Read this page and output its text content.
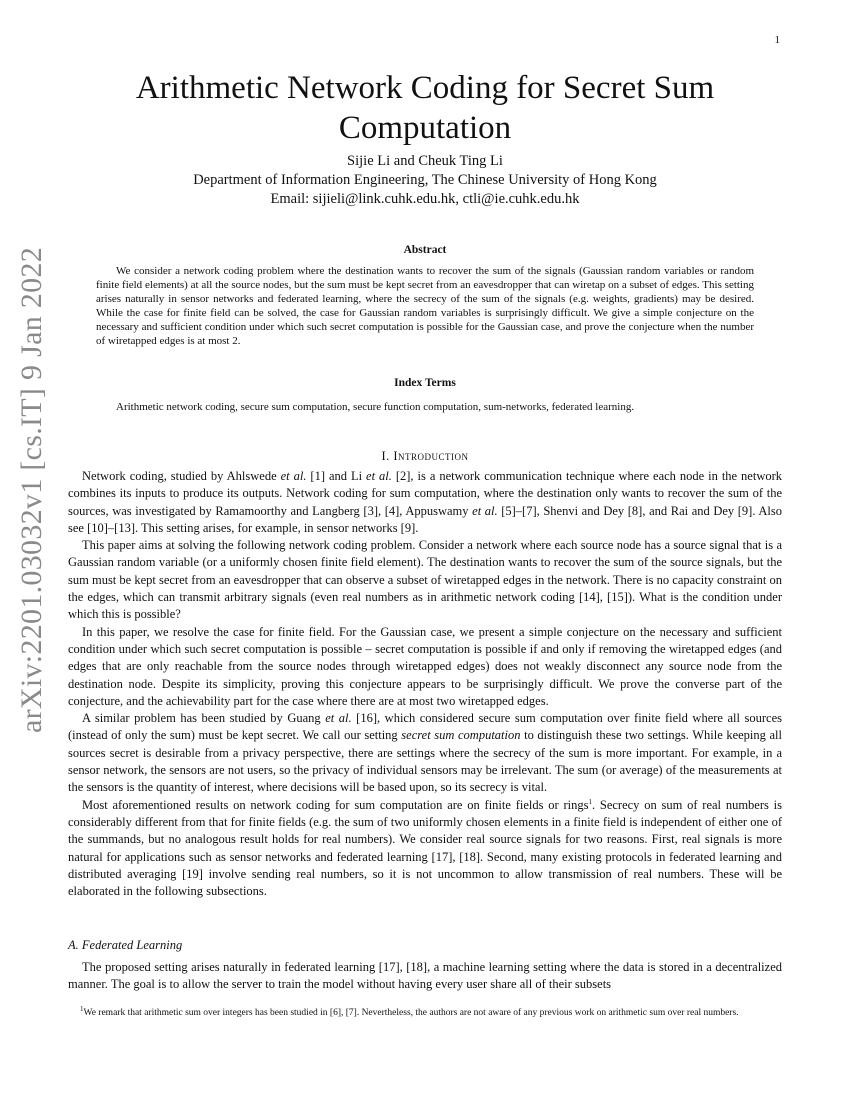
1
arXiv:2201.03032v1 [cs.IT] 9 Jan 2022
Arithmetic Network Coding for Secret Sum Computation
Sijie Li and Cheuk Ting Li
Department of Information Engineering, The Chinese University of Hong Kong
Email: sijieli@link.cuhk.edu.hk, ctli@ie.cuhk.edu.hk
Abstract
We consider a network coding problem where the destination wants to recover the sum of the signals (Gaussian random variables or random finite field elements) at all the source nodes, but the sum must be kept secret from an eavesdropper that can wiretap on a subset of edges. This setting arises naturally in sensor networks and federated learning, where the secrecy of the sum of the signals (e.g. weights, gradients) may be desired. While the case for finite field can be solved, the case for Gaussian random variables is surprisingly difficult. We give a simple conjecture on the necessary and sufficient condition under which such secret computation is possible for the Gaussian case, and prove the conjecture when the number of wiretapped edges is at most 2.
Index Terms
Arithmetic network coding, secure sum computation, secure function computation, sum-networks, federated learning.
I. Introduction

Network coding, studied by Ahlswede et al. [1] and Li et al. [2], is a network communication technique where each node in the network combines its inputs to produce its outputs. Network coding for sum computation, where the destination only wants to recover the sum of the sources, was investigated by Ramamoorthy and Langberg [3], [4], Appuswamy et al. [5]–[7], Shenvi and Dey [8], and Rai and Dey [9]. Also see [10]–[13]. This setting arises, for example, in sensor networks [9].

This paper aims at solving the following network coding problem. Consider a network where each source node has a source signal that is a Gaussian random variable (or a uniformly chosen finite field element). The destination wants to recover the sum of the source signals, but the sum must be kept secret from an eavesdropper that can observe a subset of wiretapped edges in the network. There is no capacity constraint on the edges, which can transmit arbitrary signals (even real numbers as in arithmetic network coding [14], [15]). What is the condition under which this is possible?

In this paper, we resolve the case for finite field. For the Gaussian case, we present a simple conjecture on the necessary and sufficient condition under which such secret computation is possible – secret computation is possible if and only if removing the wiretapped edges (and edges that are only reachable from the source nodes through wiretapped edges) does not weakly disconnect any source node from the destination node. Despite its simplicity, proving this conjecture appears to be surprisingly difficult. We prove the converse part of the conjecture, and the achievability part for the case where there are at most two wiretapped edges.

A similar problem has been studied by Guang et al. [16], which considered secure sum computation over finite field where all sources (instead of only the sum) must be kept secret. We call our setting secret sum computation to distinguish these two settings. While keeping all sources secret is desirable from a privacy perspective, there are settings where the secrecy of the sum is more important. For example, in a sensor network, the sensors are not users, so the privacy of individual sensors may be irrelevant. The sum (or average) of the measurements at the sensors is the quantity of interest, where decisions will be based upon, so its secrecy is vital.

Most aforementioned results on network coding for sum computation are on finite fields or rings$^1$. Secrecy on sum of real numbers is considerably different from that for finite fields (e.g. the sum of two uniformly chosen elements in a finite field is independent of either one of the summands, but no analogous result holds for real numbers). We consider real source signals for two reasons. First, real signals is more natural for applications such as sensor networks and federated learning [17], [18]. Second, many existing protocols in federated learning and distributed averaging [19] involve sending real numbers, so it is not uncommon to allow transmission of real numbers. These will be elaborated in the following subsections.

A. Federated Learning

The proposed setting arises naturally in federated learning [17], [18], a machine learning setting where the data is stored in a decentralized manner. The goal is to allow the server to train the model without having every user share all of their subsets

$^1$We remark that arithmetic sum over integers has been studied in [6], [7]. Nevertheless, the authors are not aware of any previous work on arithmetic sum over real numbers.
